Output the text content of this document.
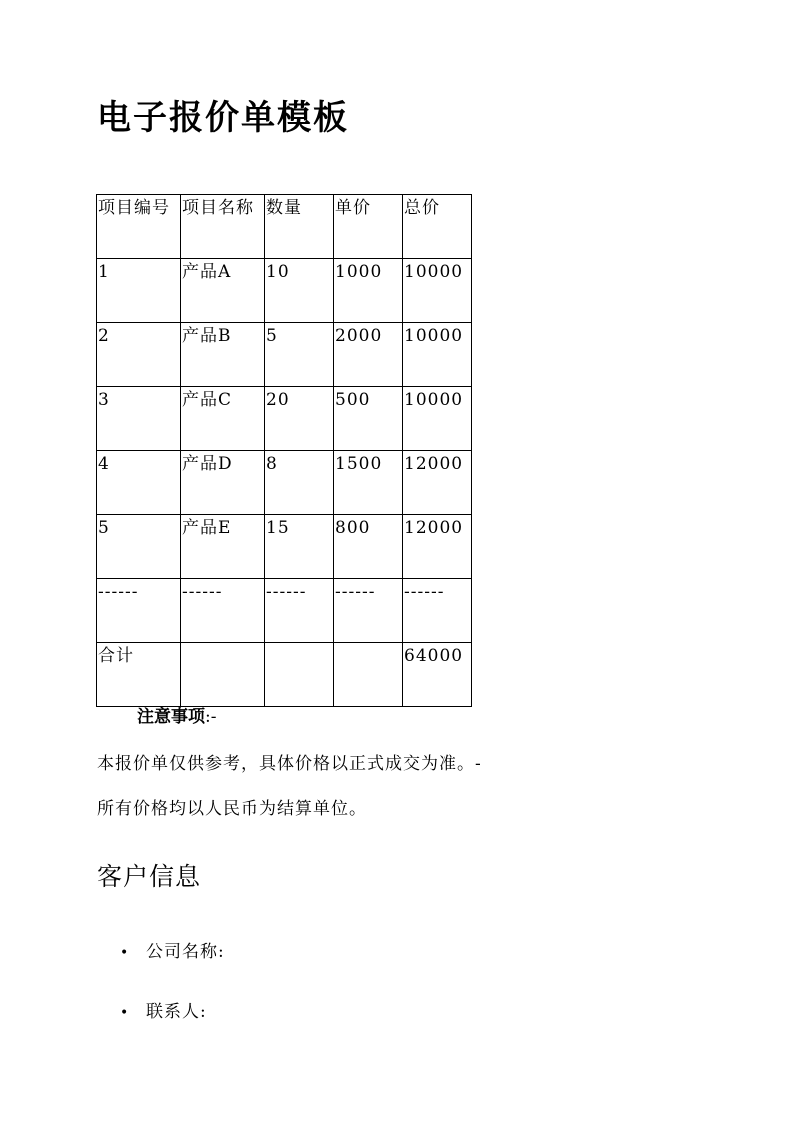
电子报价单模板
项目编号	项目名称	数量	单价	总价
1	产品A	10	1000	10000
2	产品B	5	2000	10000
3	产品C	20	500	10000
4	产品D	8	1500	12000
5	产品E	15	800	12000
------	------	------	------	------
合计				64000
注意事项:-
本报价单仅供参考，具体价格以正式成交为准。-
所有价格均以人民币为结算单位。
客户信息
• 公司名称:
• 联系人:
